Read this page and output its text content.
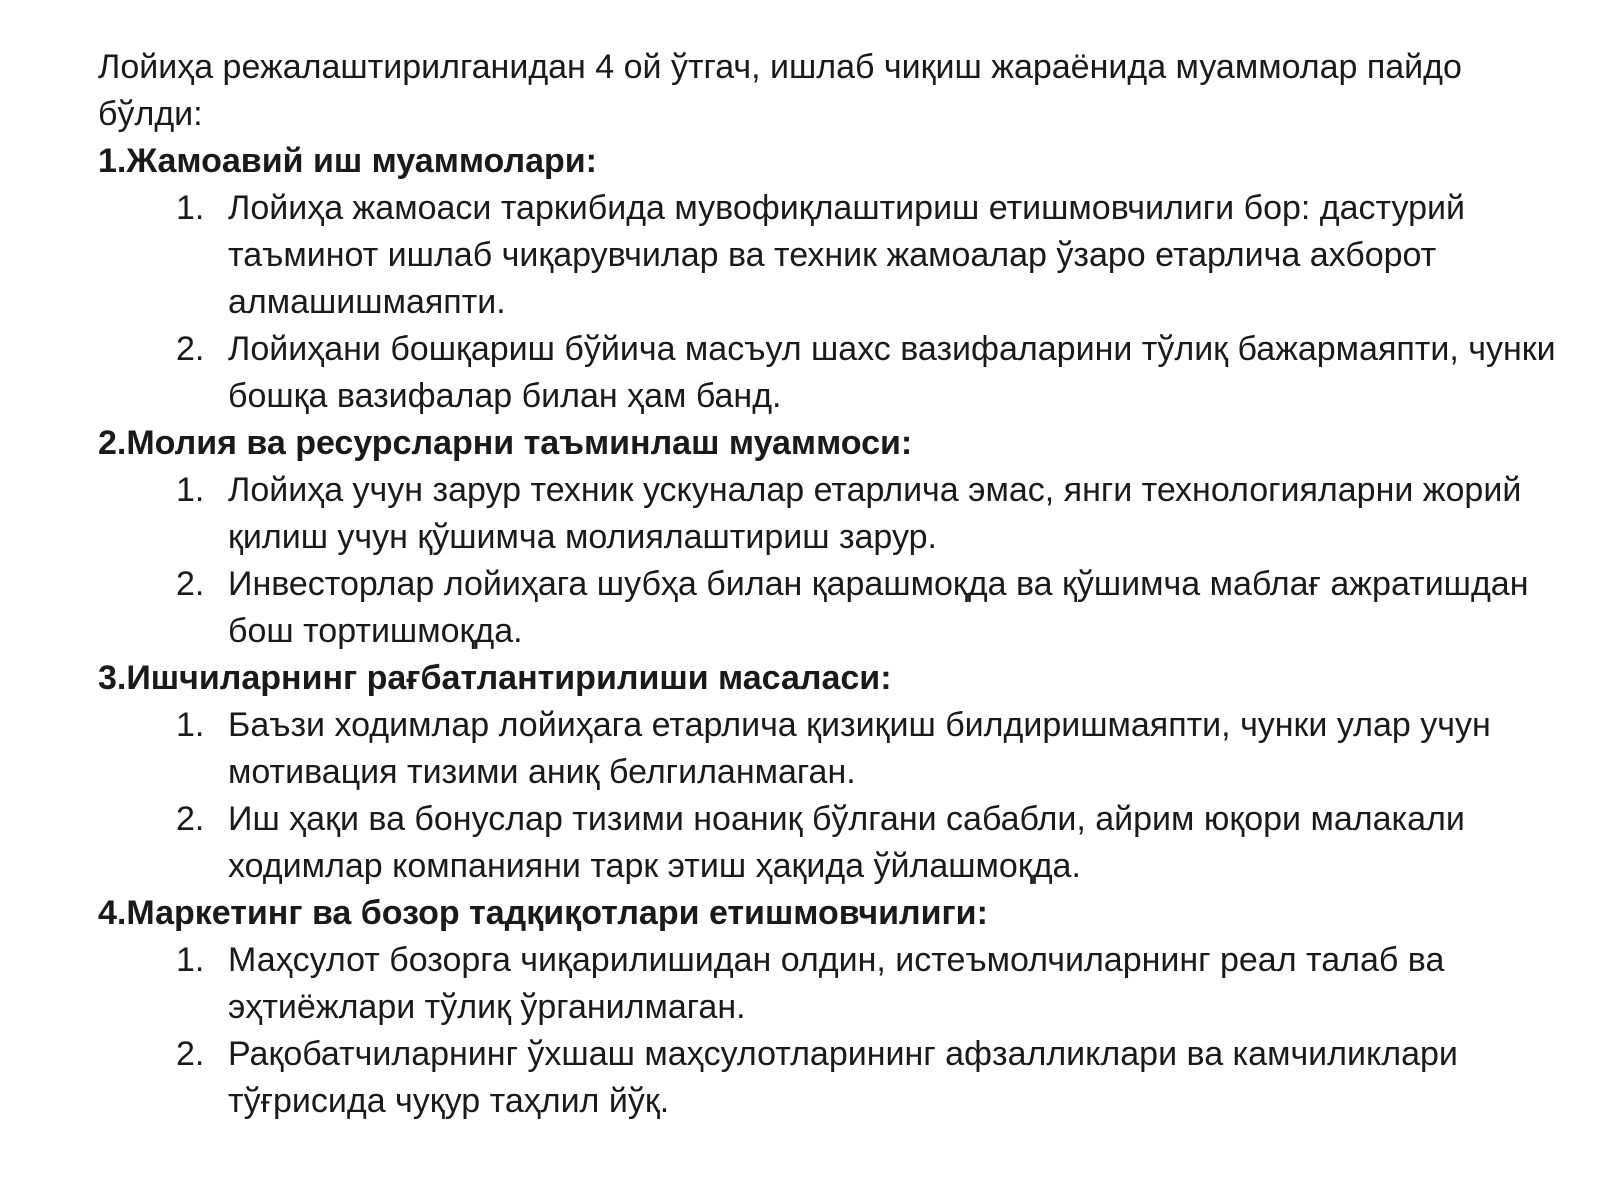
Лойиҳа режалаштирилганидан 4 ой ўтгач, ишлаб чиқиш жараёнида муаммолар пайдо бўлди:

1.Жамоавий иш муаммолари:

1. Лойиҳа жамоаси таркибида мувофиқлаштириш етишмовчилиги бор: дастурий таъминот ишлаб чиқарувчилар ва техник жамоалар ўзаро етарлича ахборот алмашишмаяпти.
2. Лойиҳани бошқариш бўйича масъул шахс вазифаларини тўлиқ бажармаяпти, чунки бошқа вазифалар билан ҳам банд.

2.Молия ва ресурсларни таъминлаш муаммоси:

1. Лойиҳа учун зарур техник ускуналар етарлича эмас, янги технологияларни жорий қилиш учун қўшимча молиялаштириш зарур.
2. Инвесторлар лойиҳага шубҳа билан қарашмоқда ва қўшимча маблағ ажратишдан бош тортишмоқда.

3.Ишчиларнинг рағбатлантирилиши масаласи:

1. Баъзи ходимлар лойиҳага етарлича қизиқиш билдиришмаяпти, чунки улар учун мотивация тизими аниқ белгиланмаган.
2. Иш ҳақи ва бонуслар тизими ноаниқ бўлгани сабабли, айрим юқори малакали ходимлар компанияни тарк этиш ҳақида ўйлашмоқда.

4.Маркетинг ва бозор тадқиқотлари етишмовчилиги:

1. Маҳсулот бозорга чиқарилишидан олдин, истеъмолчиларнинг реал талаб ва эҳтиёжлари тўлиқ ўрганилмаган.
2. Рақобатчиларнинг ўхшаш маҳсулотларининг афзалликлари ва камчиликлари тўғрисида чуқур таҳлил йўқ.
